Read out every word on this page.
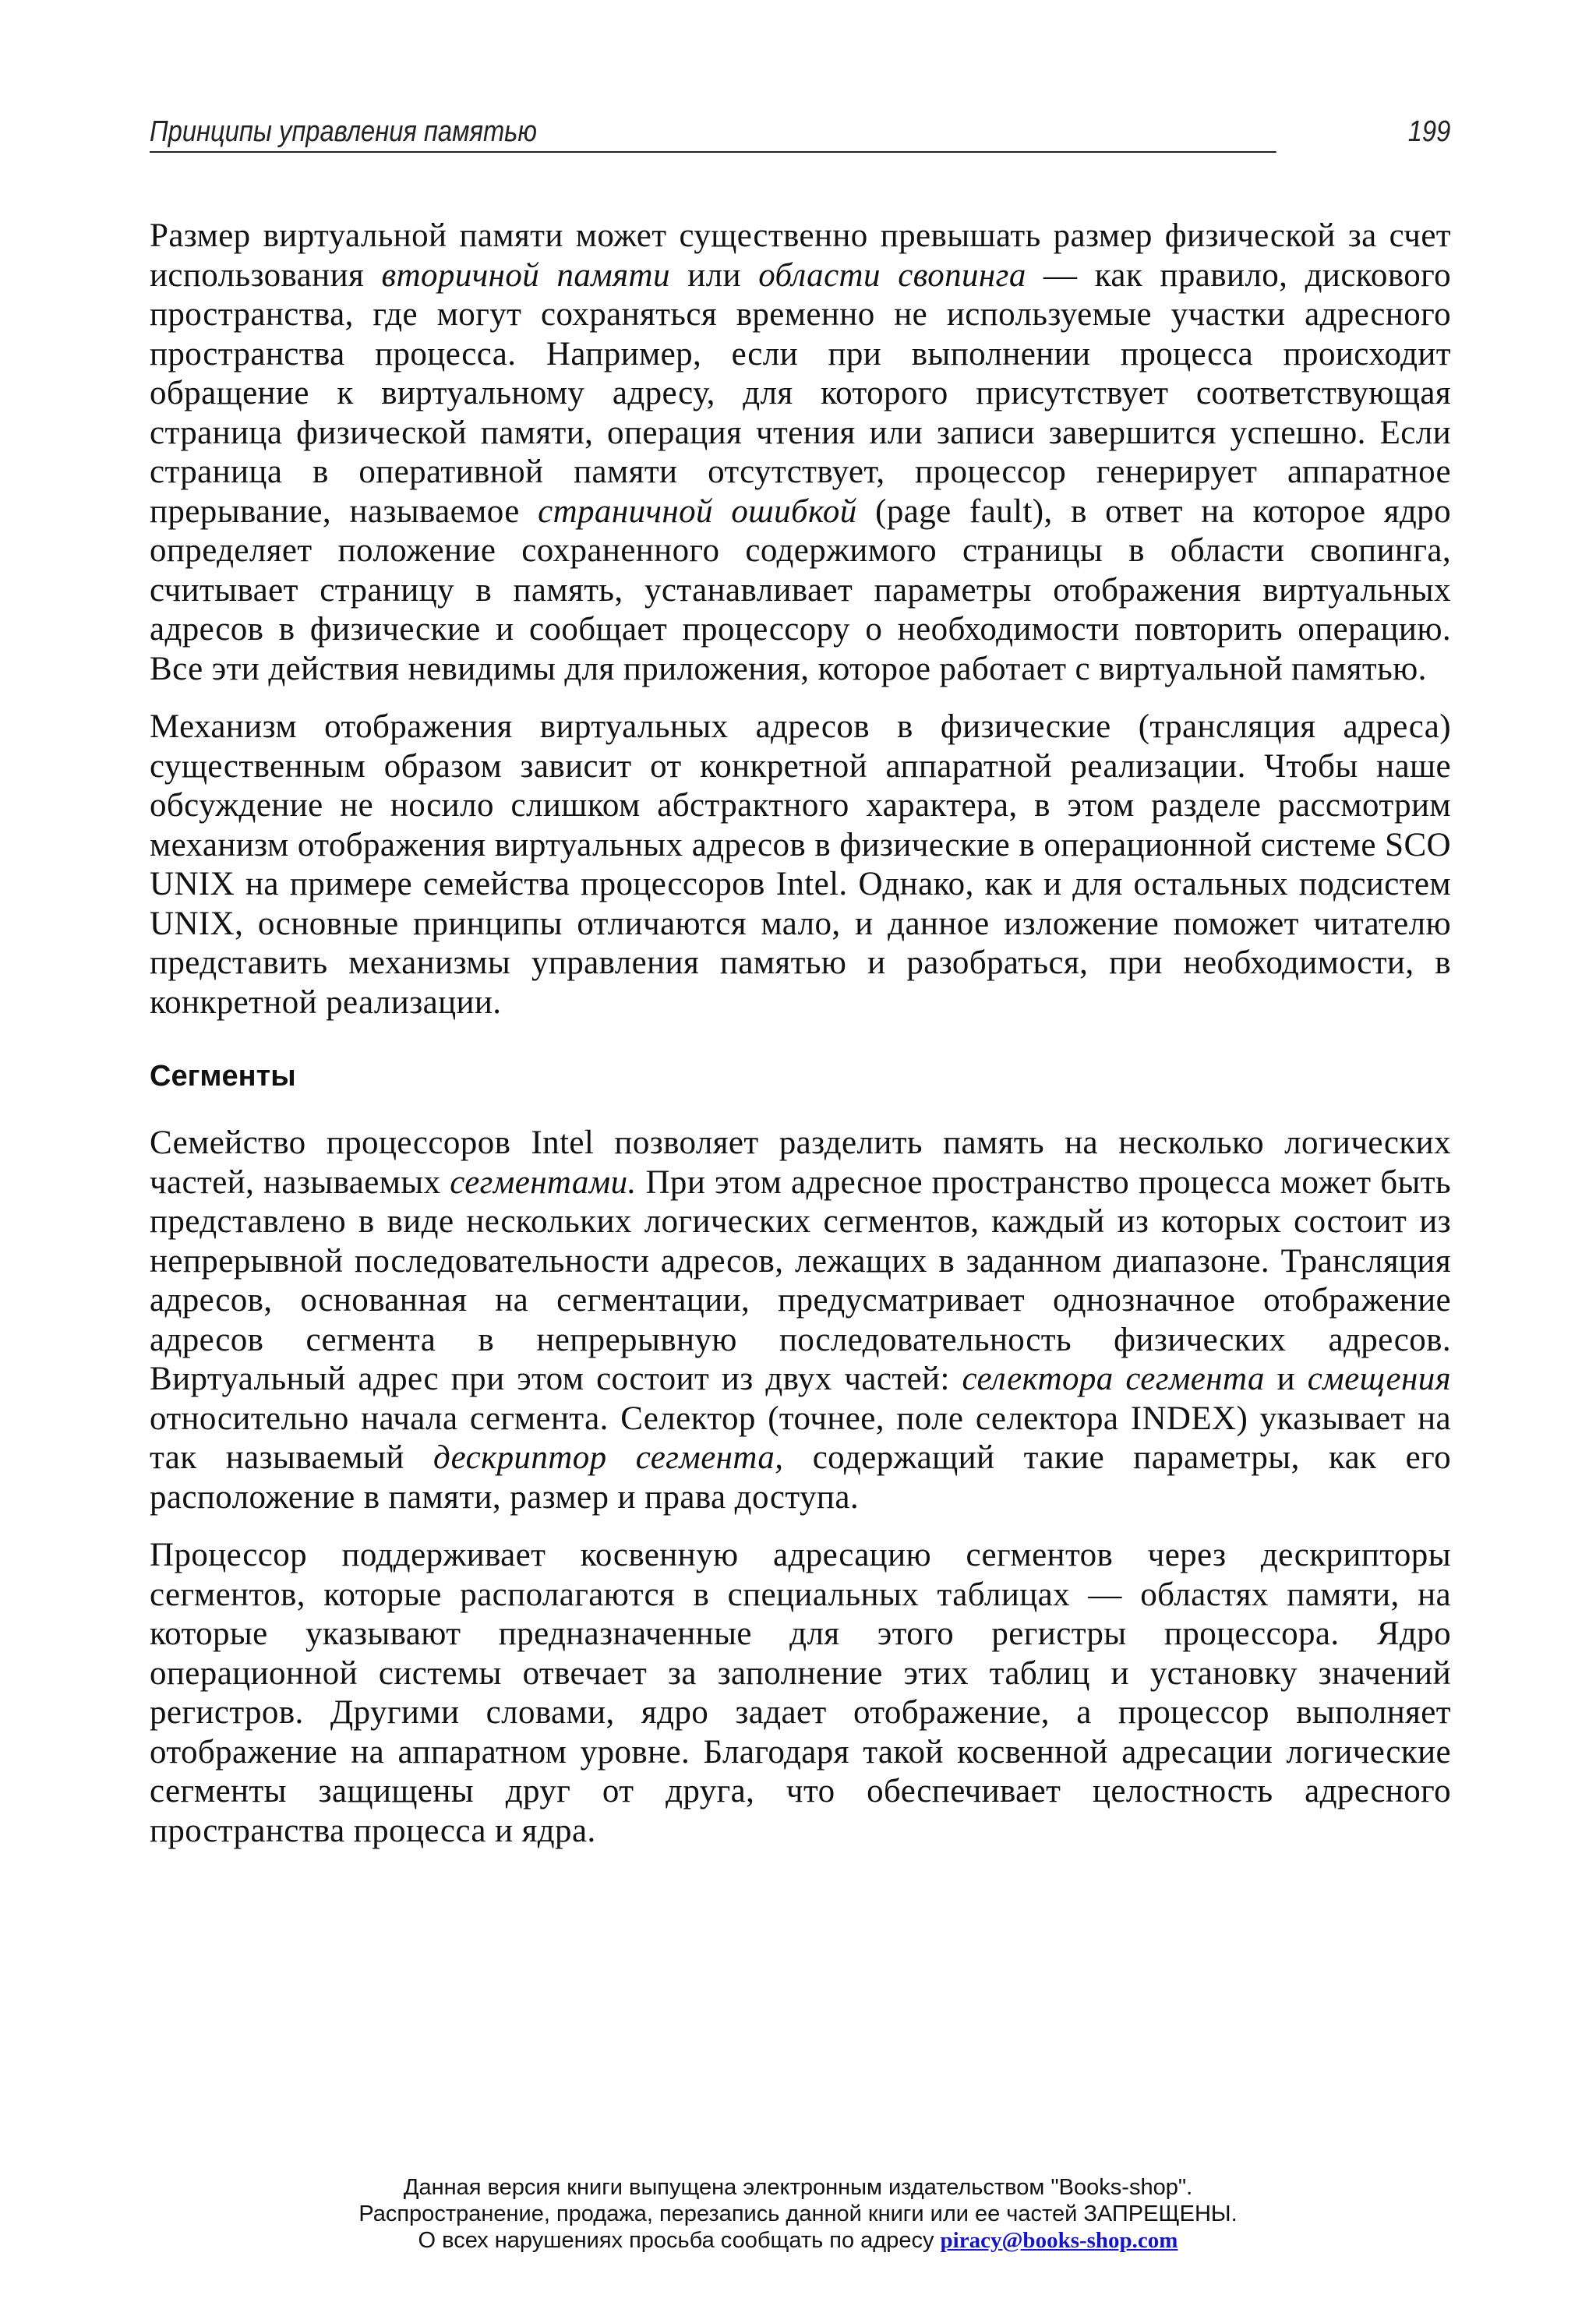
Принципы управления памятью	199

Размер виртуальной памяти может существенно превышать размер физической за счет использования вторичной памяти или области свопинга — как правило, дискового пространства, где могут сохраняться временно не используемые участки адресного пространства процесса. Например, если при выполнении процесса происходит обращение к виртуальному адресу, для которого присутствует соответствующая страница физической памяти, операция чтения или записи завершится успешно. Если страница в оперативной памяти отсутствует, процессор генерирует аппаратное прерывание, называемое страничной ошибкой (page fault), в ответ на которое ядро определяет положение сохраненного содержимого страницы в области свопинга, считывает страницу в память, устанавливает параметры отображения виртуальных адресов в физические и сообщает процессору о необходимости повторить операцию. Все эти действия невидимы для приложения, которое работает с виртуальной памятью.

Механизм отображения виртуальных адресов в физические (трансляция адреса) существенным образом зависит от конкретной аппаратной реализации. Чтобы наше обсуждение не носило слишком абстрактного характера, в этом разделе рассмотрим механизм отображения виртуальных адресов в физические в операционной системе SCO UNIX на примере семейства процессоров Intel. Однако, как и для остальных подсистем UNIX, основные принципы отличаются мало, и данное изложение поможет читателю представить механизмы управления памятью и разобраться, при необходимости, в конкретной реализации.

Сегменты

Семейство процессоров Intel позволяет разделить память на несколько логических частей, называемых сегментами. При этом адресное пространство процесса может быть представлено в виде нескольких логических сегментов, каждый из которых состоит из непрерывной последовательности адресов, лежащих в заданном диапазоне. Трансляция адресов, основанная на сегментации, предусматривает однозначное отображение адресов сегмента в непрерывную последовательность физических адресов. Виртуальный адрес при этом состоит из двух частей: селектора сегмента и смещения относительно начала сегмента. Селектор (точнее, поле селектора INDEX) указывает на так называемый дескриптор сегмента, содержащий такие параметры, как его расположение в памяти, размер и права доступа.

Процессор поддерживает косвенную адресацию сегментов через дескрипторы сегментов, которые располагаются в специальных таблицах — областях памяти, на которые указывают предназначенные для этого регистры процессора. Ядро операционной системы отвечает за заполнение этих таблиц и установку значений регистров. Другими словами, ядро задает отображение, а процессор выполняет отображение на аппаратном уровне. Благодаря такой косвенной адресации логические сегменты защищены друг от друга, что обеспечивает целостность адресного пространства процесса и ядра.

Данная версия книги выпущена электронным издательством "Books-shop".
Распространение, продажа, перезапись данной книги или ее частей ЗАПРЕЩЕНЫ.
О всех нарушениях просьба сообщать по адресу piracy@books-shop.com
